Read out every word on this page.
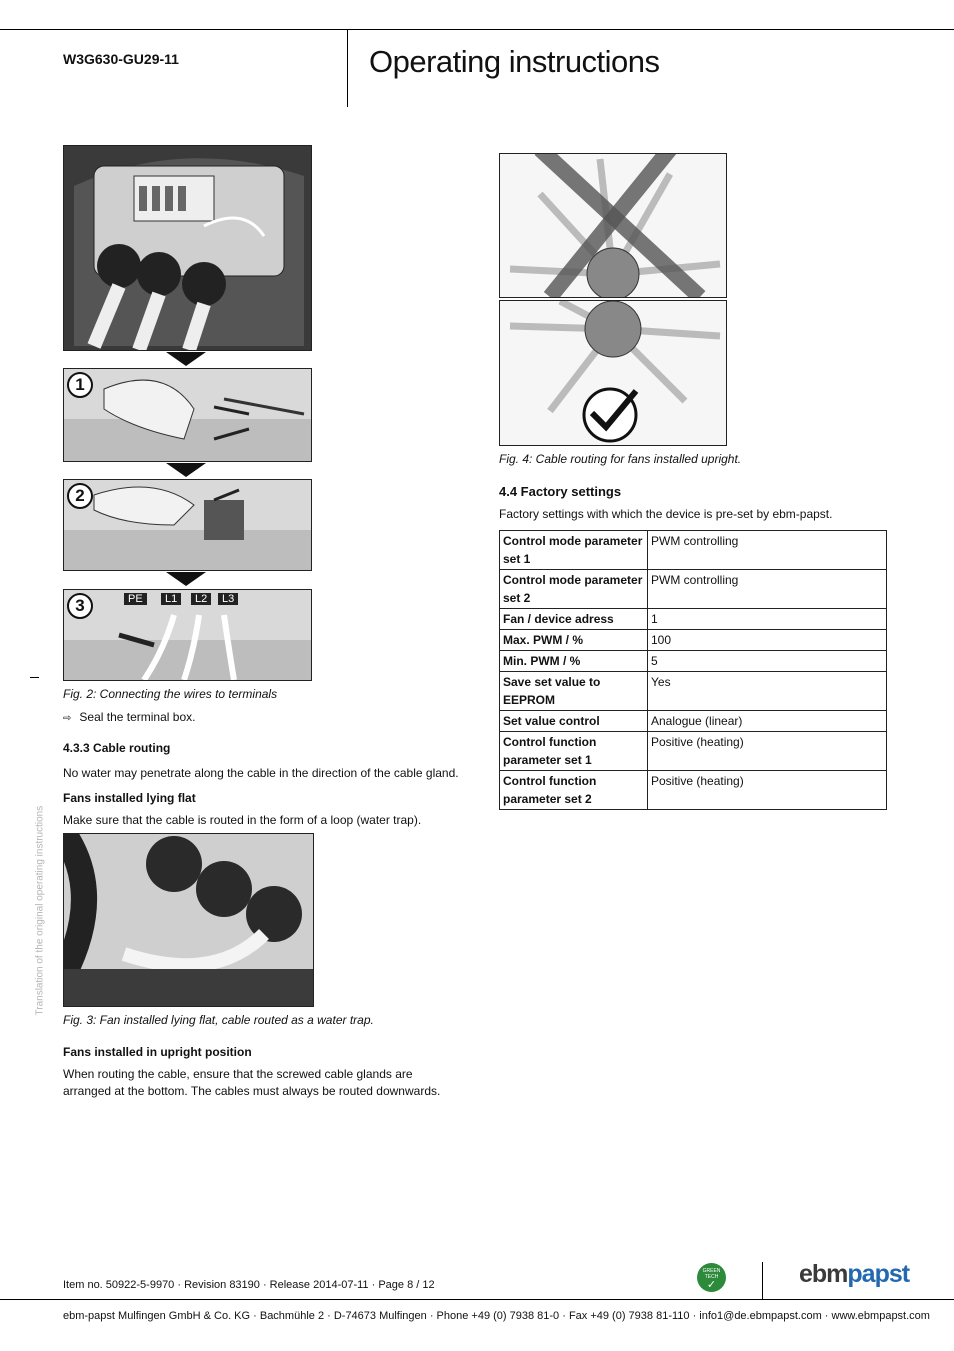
W3G630-GU29-11	Operating instructions
Translation of the original operating instructions
1
2
3	PE	L1	L2	L3
Fig. 2: Connecting the wires to terminals
⇨ Seal the terminal box.
4.3.3 Cable routing
No water may penetrate along the cable in the direction of the cable gland.
Fans installed lying flat
Make sure that the cable is routed in the form of a loop (water trap).
Fig. 3: Fan installed lying flat, cable routed as a water trap.
Fans installed in upright position
When routing the cable, ensure that the screwed cable glands are arranged at the bottom. The cables must always be routed downwards.
Fig. 4: Cable routing for fans installed upright.
4.4 Factory settings
Factory settings with which the device is pre-set by ebm-papst.
Control mode parameter set 1	PWM controlling
Control mode parameter set 2	PWM controlling
Fan / device adress	1
Max. PWM / %	100
Min. PWM / %	5
Save set value to EEPROM	Yes
Set value control	Analogue (linear)
Control function parameter set 1	Positive (heating)
Control function parameter set 2	Positive (heating)
Item no. 50922-5-9970 · Revision 83190 · Release 2014-07-11 · Page 8 / 12
GREEN TECH
✓	ebmpapst
ebm-papst Mulfingen GmbH & Co. KG · Bachmühle 2 · D-74673 Mulfingen · Phone +49 (0) 7938 81-0 · Fax +49 (0) 7938 81-110 · info1@de.ebmpapst.com · www.ebmpapst.com
